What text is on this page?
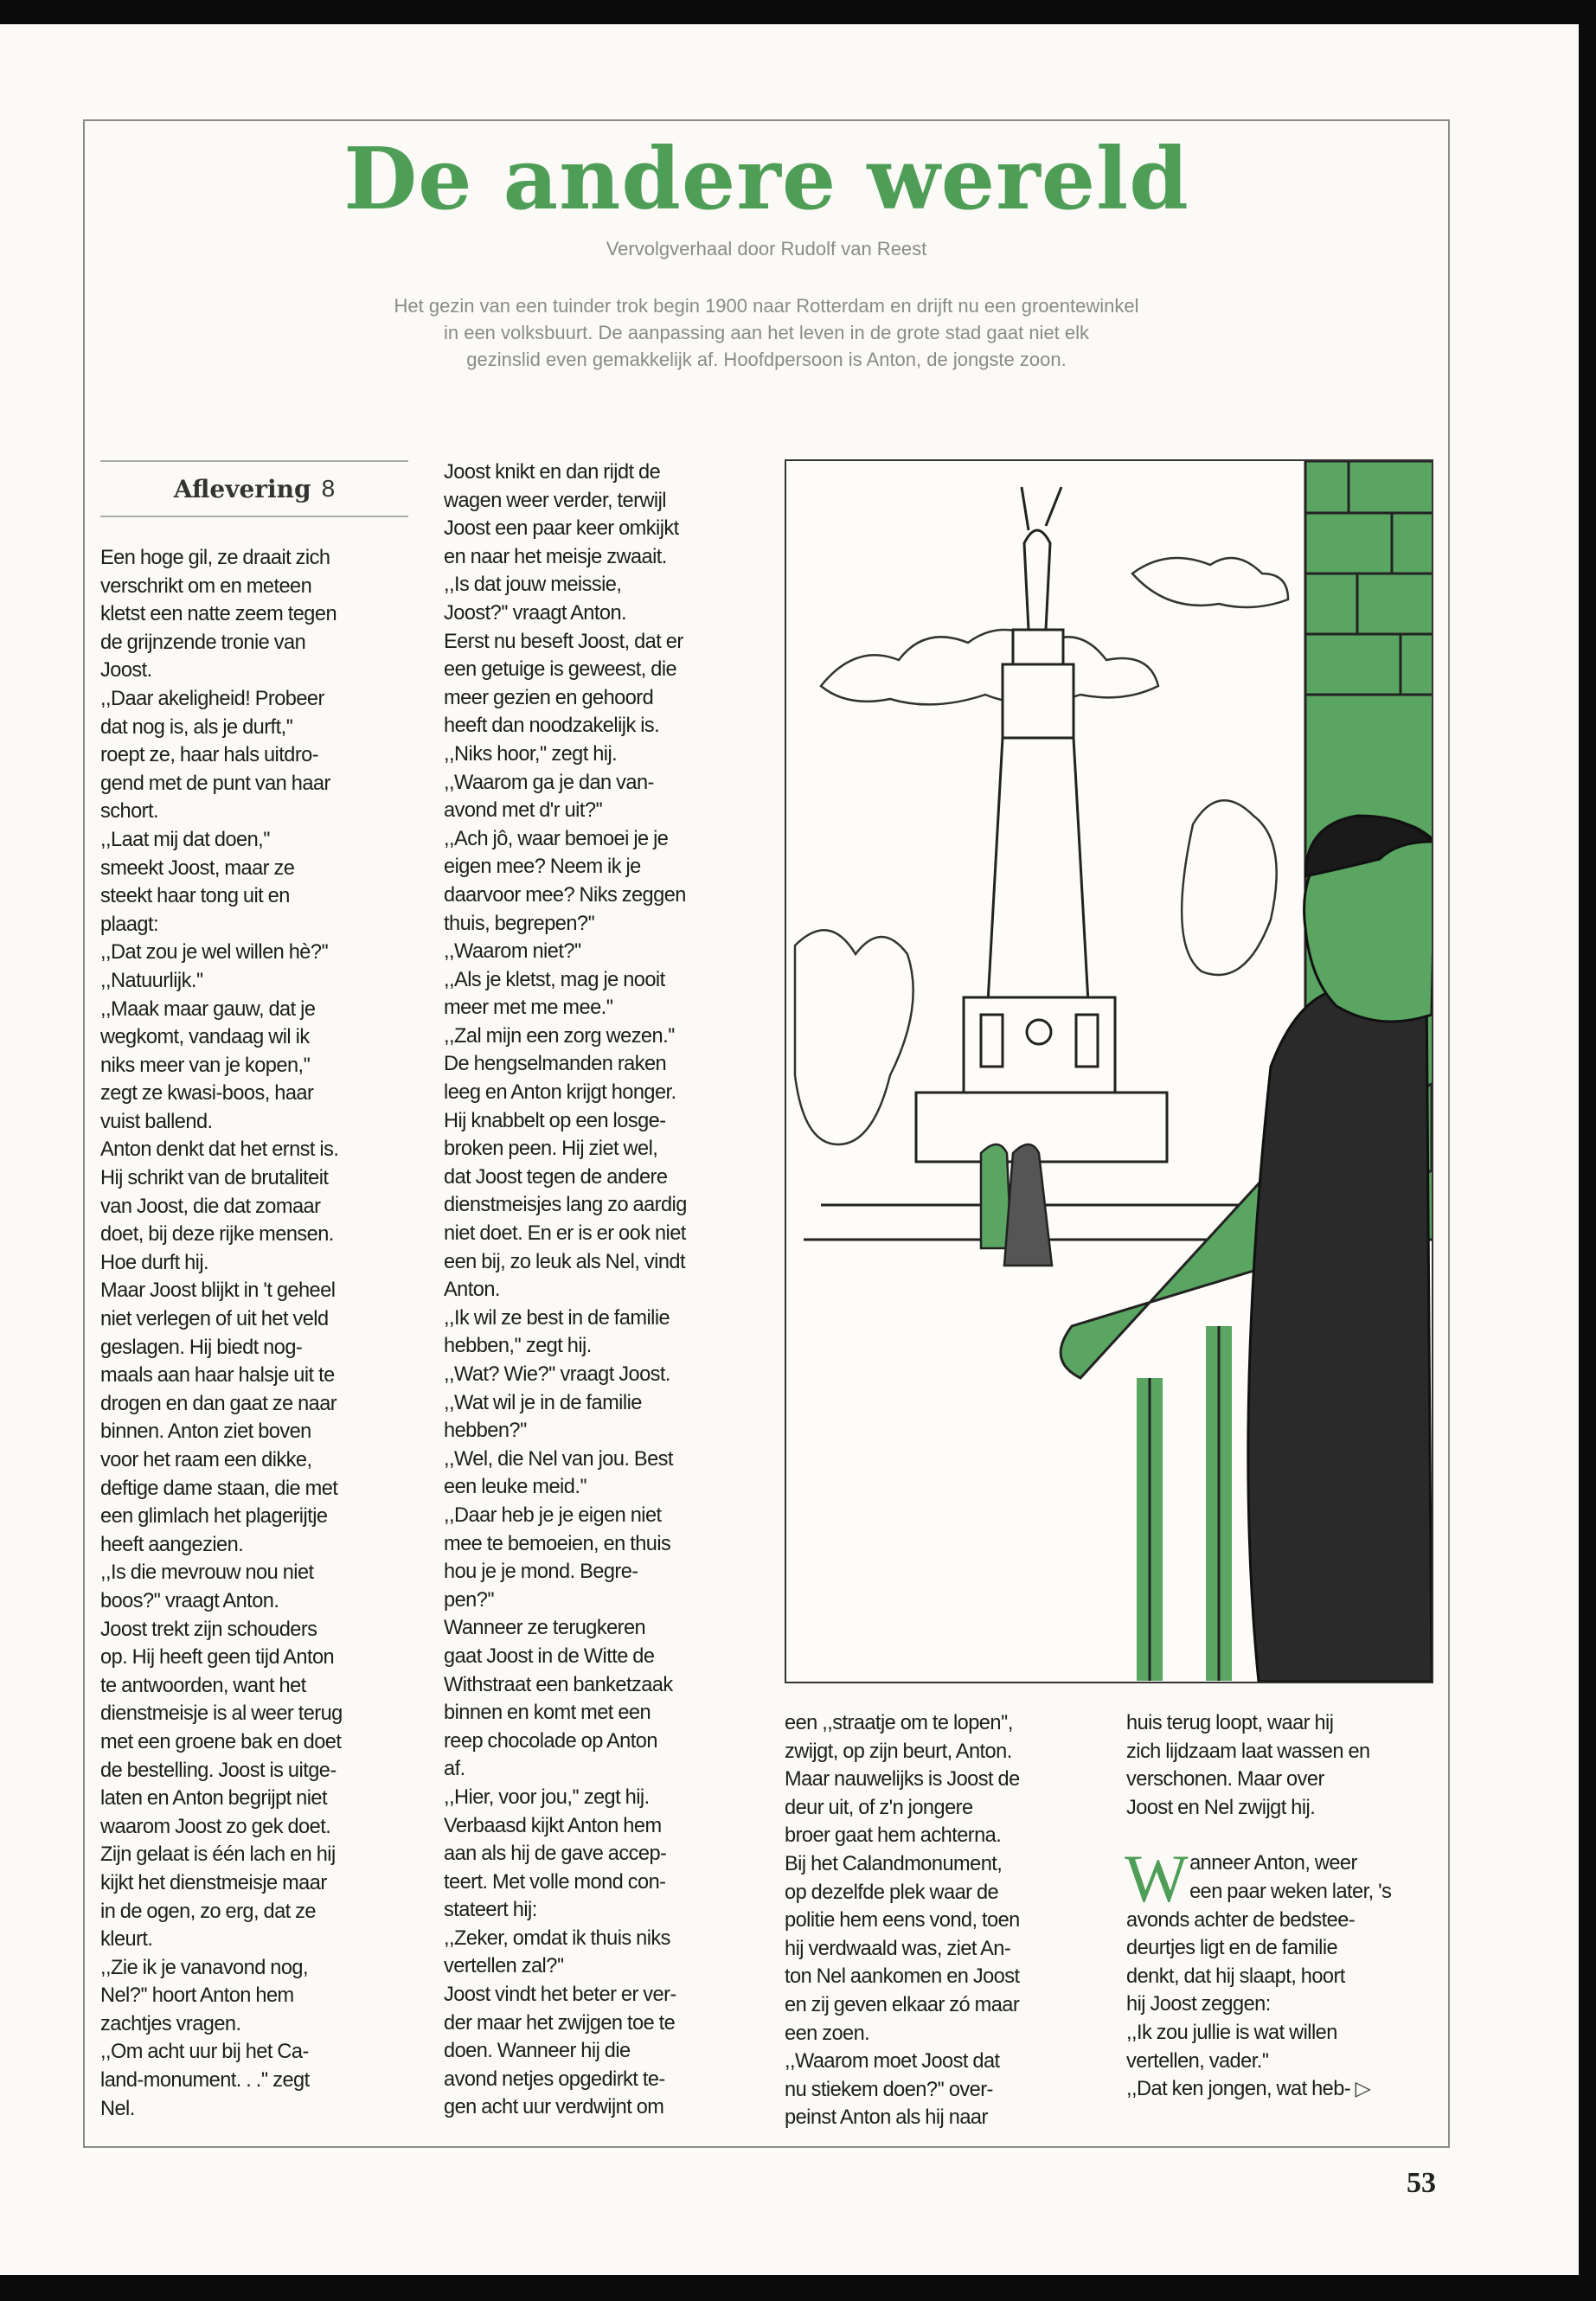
De andere wereld
Vervolgverhaal door Rudolf van Reest
Het gezin van een tuinder trok begin 1900 naar Rotterdam en drijft nu een groentewinkel
in een volksbuurt. De aanpassing aan het leven in de grote stad gaat niet elk
gezinslid even gemakkelijk af. Hoofdpersoon is Anton, de jongste zoon.
Aflevering 8

Een hoge gil, ze draait zich

verschrikt om en meteen

kletst een natte zeem tegen

de grijnzende tronie van

Joost.

,,Daar akeligheid! Probeer

dat nog is, als je durft,''

roept ze, haar hals uitdro-

gend met de punt van haar

schort.

,,Laat mij dat doen,''

smeekt Joost, maar ze

steekt haar tong uit en

plaagt:

,,Dat zou je wel willen hè?''

,,Natuurlijk.''

,,Maak maar gauw, dat je

wegkomt, vandaag wil ik

niks meer van je kopen,''

zegt ze kwasi-boos, haar

vuist ballend.

Anton denkt dat het ernst is.

Hij schrikt van de brutaliteit

van Joost, die dat zomaar

doet, bij deze rijke mensen.

Hoe durft hij.

Maar Joost blijkt in 't geheel

niet verlegen of uit het veld

geslagen. Hij biedt nog-

maals aan haar halsje uit te

drogen en dan gaat ze naar

binnen. Anton ziet boven

voor het raam een dikke,

deftige dame staan, die met

een glimlach het plagerijtje

heeft aangezien.

,,Is die mevrouw nou niet

boos?'' vraagt Anton.

Joost trekt zijn schouders

op. Hij heeft geen tijd Anton

te antwoorden, want het

dienstmeisje is al weer terug

met een groene bak en doet

de bestelling. Joost is uitge-

laten en Anton begrijpt niet

waarom Joost zo gek doet.

Zijn gelaat is één lach en hij

kijkt het dienstmeisje maar

in de ogen, zo erg, dat ze

kleurt.

,,Zie ik je vanavond nog,

Nel?'' hoort Anton hem

zachtjes vragen.

,,Om acht uur bij het Ca-

land-monument. . .'' zegt

Nel.

Joost knikt en dan rijdt de

wagen weer verder, terwijl

Joost een paar keer omkijkt

en naar het meisje zwaait.

,,Is dat jouw meissie,

Joost?'' vraagt Anton.

Eerst nu beseft Joost, dat er

een getuige is geweest, die

meer gezien en gehoord

heeft dan noodzakelijk is.

,,Niks hoor,'' zegt hij.

,,Waarom ga je dan van-

avond met d'r uit?''

,,Ach jô, waar bemoei je je

eigen mee? Neem ik je

daarvoor mee? Niks zeggen

thuis, begrepen?''

,,Waarom niet?''

,,Als je kletst, mag je nooit

meer met me mee.''

,,Zal mijn een zorg wezen.''

De hengselmanden raken

leeg en Anton krijgt honger.

Hij knabbelt op een losge-

broken peen. Hij ziet wel,

dat Joost tegen de andere

dienstmeisjes lang zo aardig

niet doet. En er is er ook niet

een bij, zo leuk als Nel, vindt

Anton.

,,Ik wil ze best in de familie

hebben,'' zegt hij.

,,Wat? Wie?'' vraagt Joost.

,,Wat wil je in de familie

hebben?''

,,Wel, die Nel van jou. Best

een leuke meid.''

,,Daar heb je je eigen niet

mee te bemoeien, en thuis

hou je je mond. Begre-

pen?''

Wanneer ze terugkeren

gaat Joost in de Witte de

Withstraat een banketzaak

binnen en komt met een

reep chocolade op Anton

af.

,,Hier, voor jou,'' zegt hij.

Verbaasd kijkt Anton hem

aan als hij de gave accep-

teert. Met volle mond con-

stateert hij:

,,Zeker, omdat ik thuis niks

vertellen zal?''

Joost vindt het beter er ver-

der maar het zwijgen toe te

doen. Wanneer hij die

avond netjes opgedirkt te-

gen acht uur verdwijnt om

een ,,straatje om te lopen'',

zwijgt, op zijn beurt, Anton.

Maar nauwelijks is Joost de

deur uit, of z'n jongere

broer gaat hem achterna.

Bij het Calandmonument,

op dezelfde plek waar de

politie hem eens vond, toen

hij verdwaald was, ziet An-

ton Nel aankomen en Joost

en zij geven elkaar zó maar

een zoen.

,,Waarom moet Joost dat

nu stiekem doen?'' over-

peinst Anton als hij naar

huis terug loopt, waar hij

zich lijdzaam laat wassen en

verschonen. Maar over

Joost en Nel zwijgt hij.

Wanneer Anton, weer

een paar weken later, 's

avonds achter de bedstee-

deurtjes ligt en de familie

denkt, dat hij slaapt, hoort

hij Joost zeggen:

,,Ik zou jullie is wat willen

vertellen, vader.''

,,Dat ken jongen, wat heb- ▷

53
